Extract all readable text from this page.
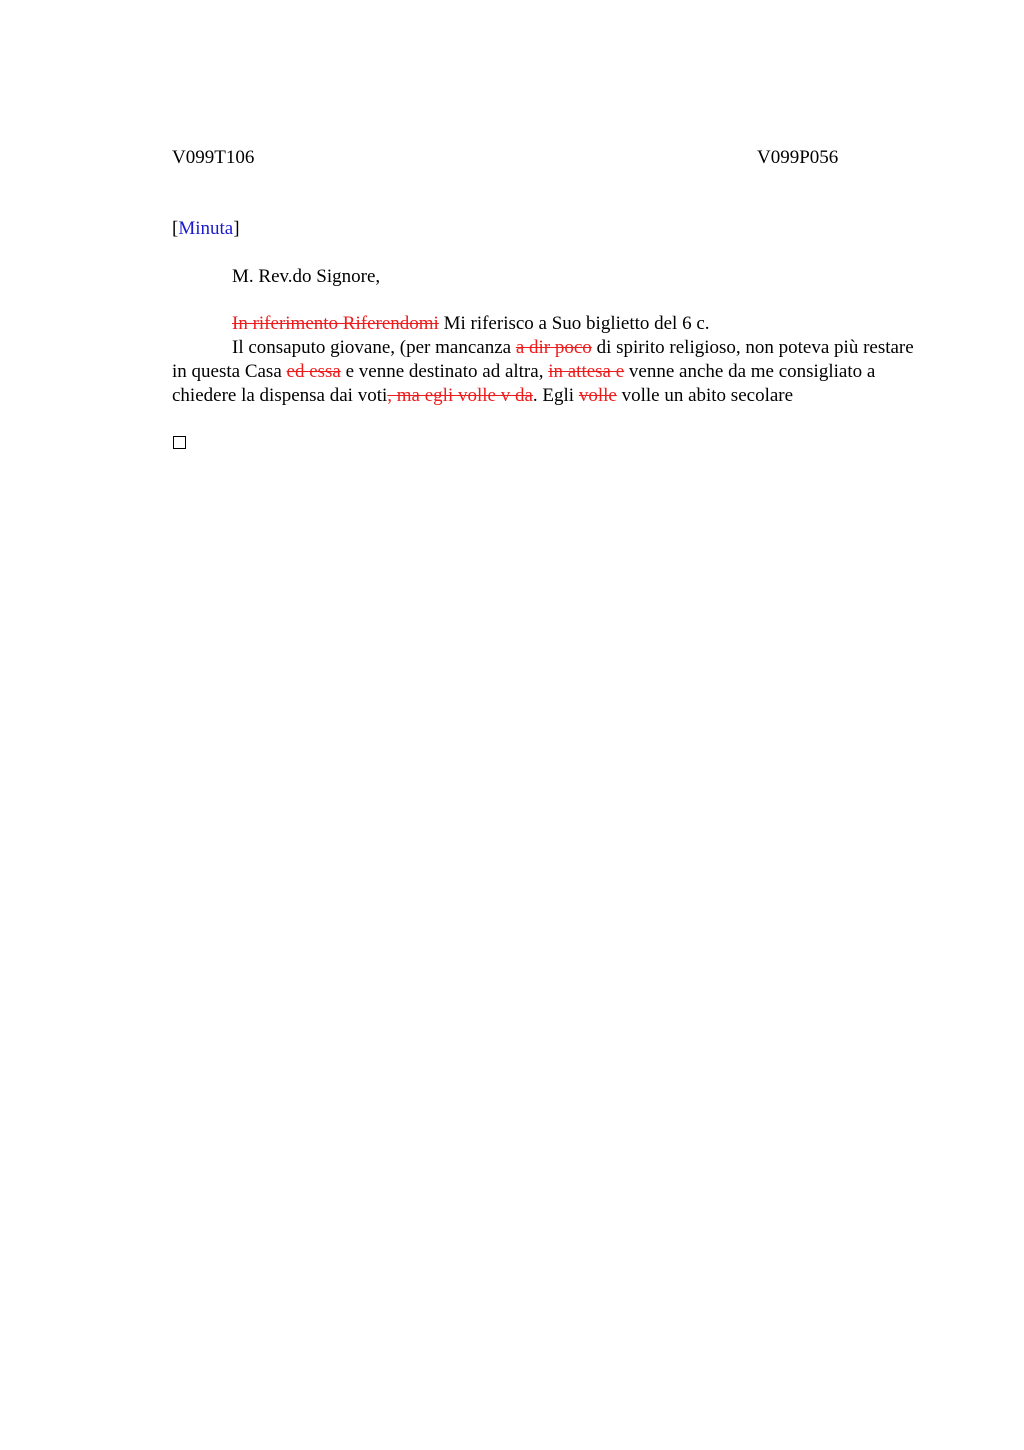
V099T106	V099P056
[Minuta]
M. Rev.do Signore,

In riferimento Riferendomi Mi riferisco a Suo biglietto del 6 c.

Il consaputo giovane, (per mancanza a dir poco di spirito religioso, non poteva più restare in questa Casa ed essa e venne destinato ad altra, in attesa e venne anche da me consigliato a chiedere la dispensa dai voti, ma egli volle v da. Egli volle volle un abito secolare
